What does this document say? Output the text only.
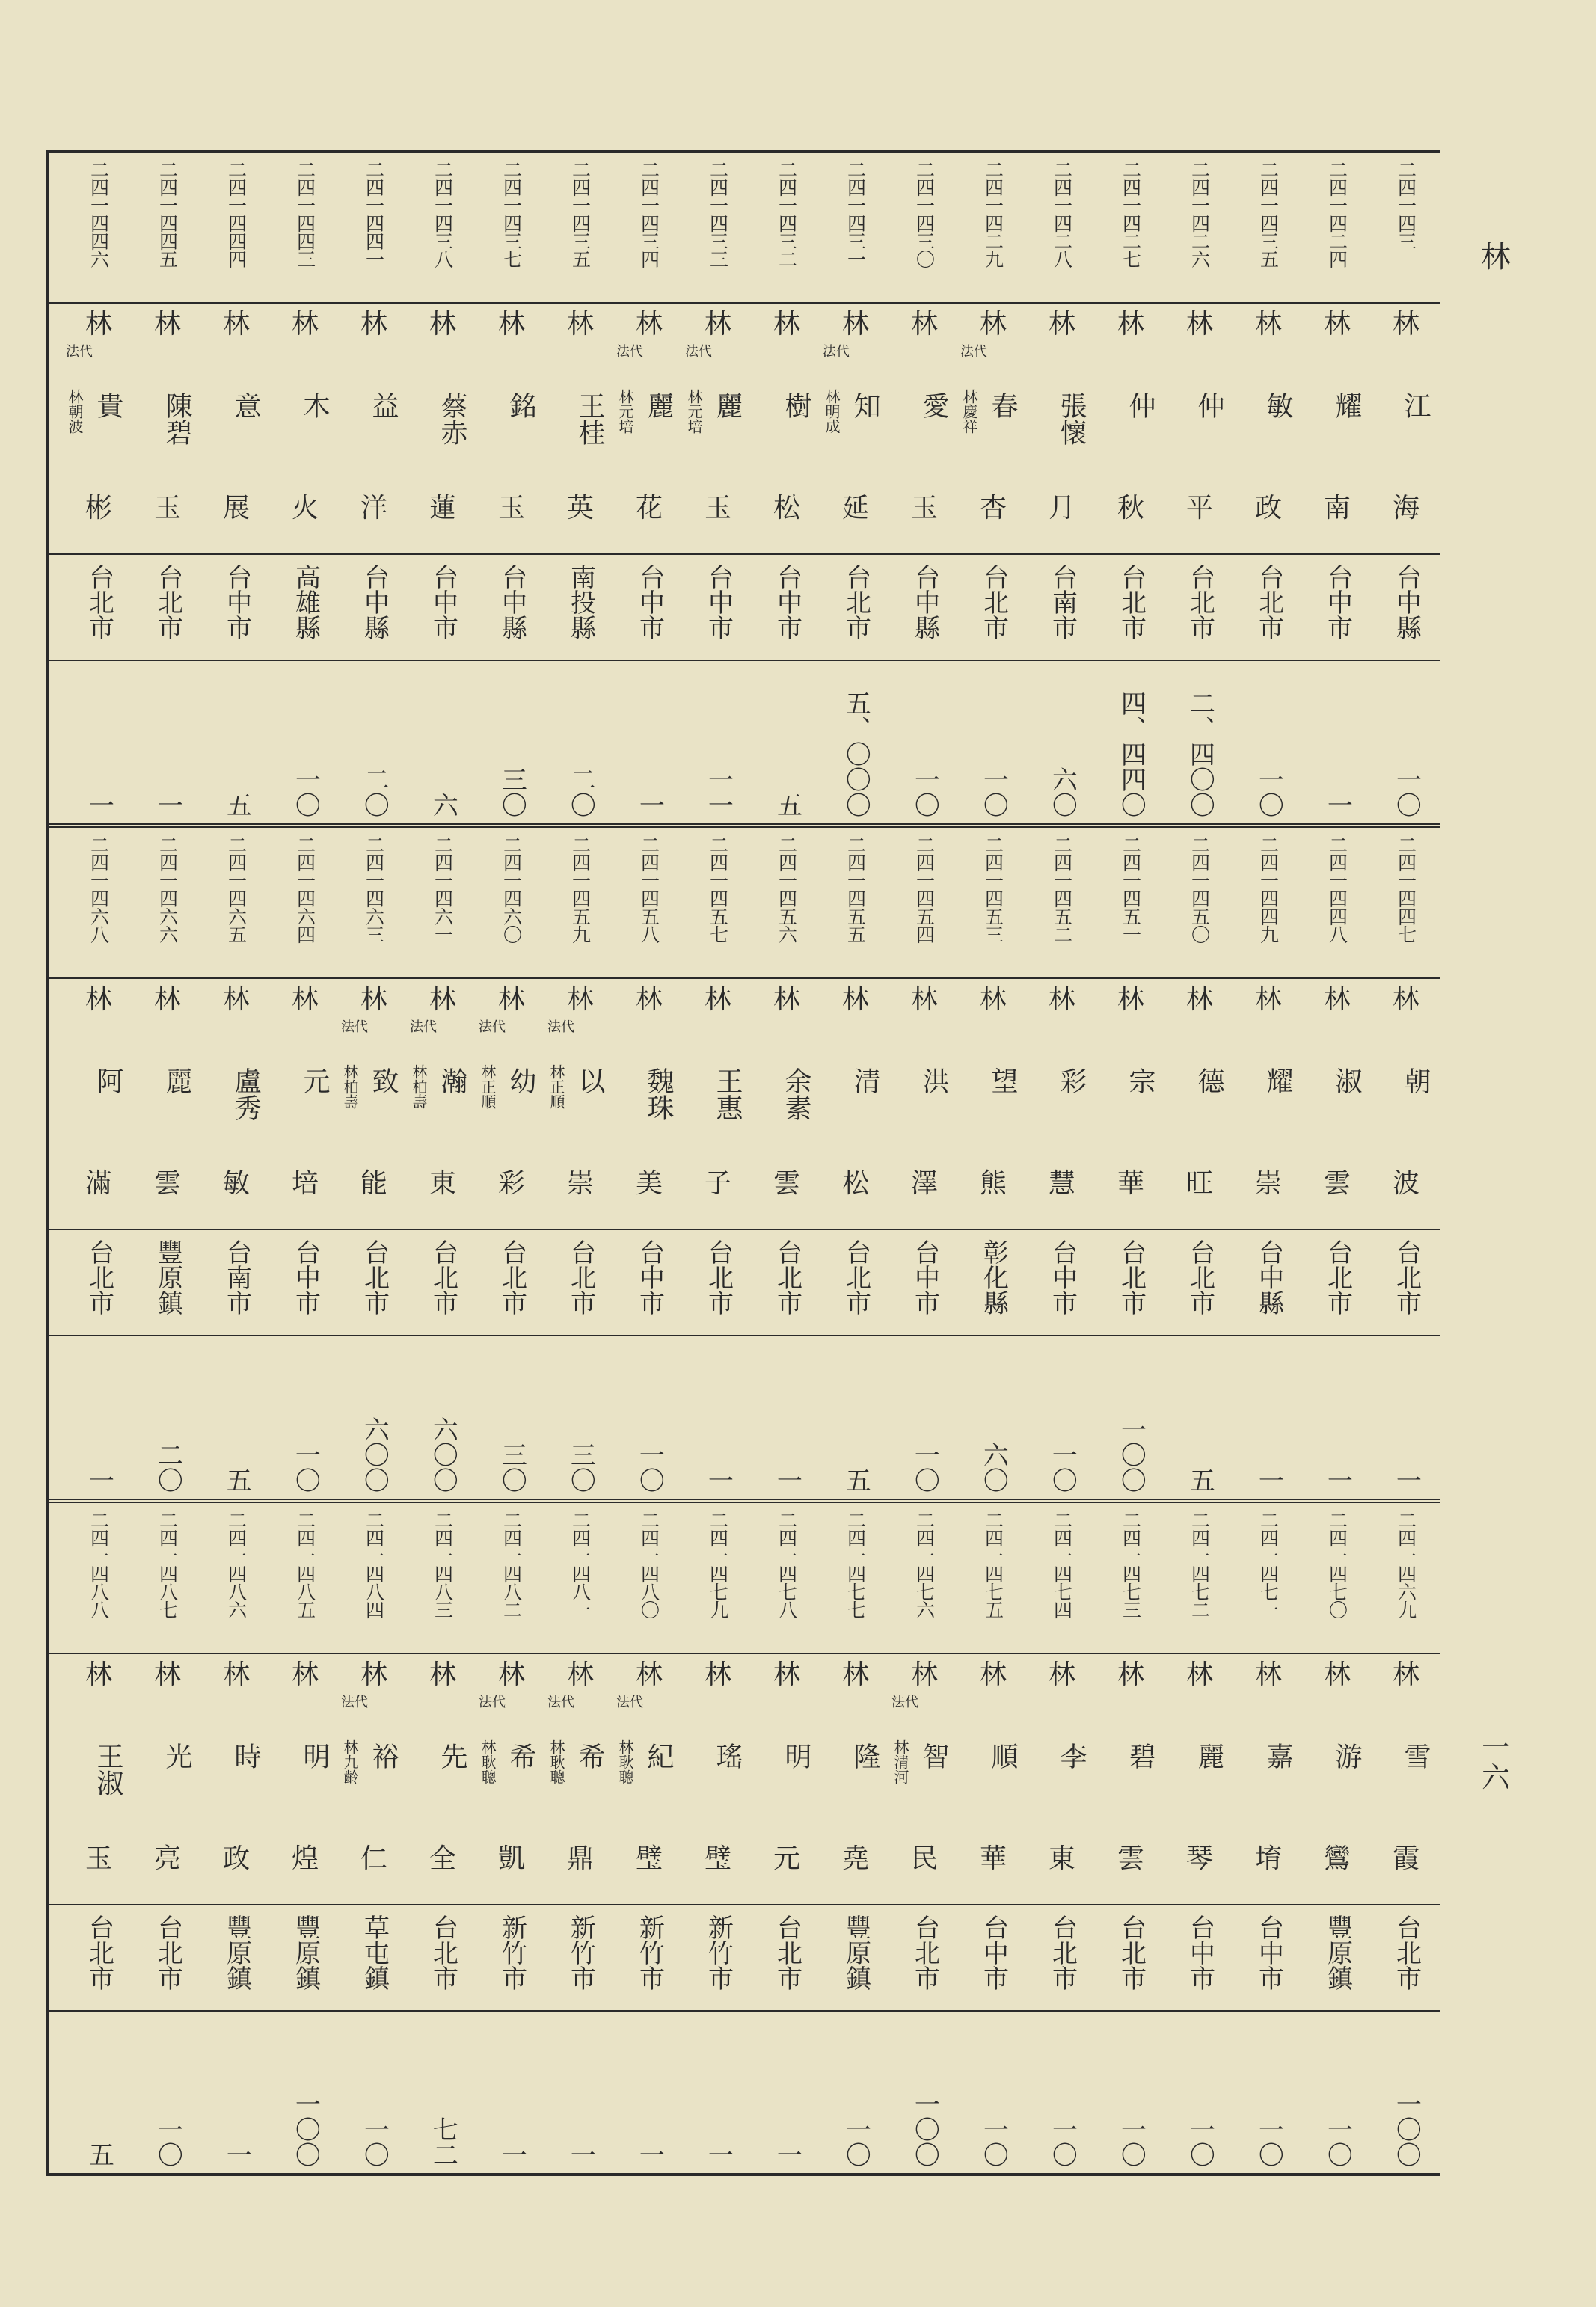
林
一六
二四一四三
二四一四二四
二四一四三五
二四一四二六
二四一四二七
二四一四二八
二四一四二九
二四一四三〇
二四一四三一
二四一四三二
二四一四三三
二四一四三四
二四一四三五
二四一四三七
二四一四三八
二四一四四一
二四一四四三
二四一四四四
二四一四四五
二四一四四六
林
江
海
林
耀
南
林
敏
政
林
仲
平
林
仲
秋
林
張懷
月
林
法代
林慶祥 春
杏
林
愛
玉
林
法代
林明成 知
延
林
樹
松
林
法代
林元培 麗
玉
林
法代
林元培 麗
花
林
王桂
英
林
銘
玉
林
蔡赤
蓮
林
益
洋
林
木
火
林
意
展
林
陳碧
玉
林
法代
林朝波 貴
彬
台中縣
台中市
台北市
台北市
台北市
台南市
台北市
台中縣
台北市
台中市
台中市
台中市
南投縣
台中縣
台中市
台中縣
高雄縣
台中市
台北市
台北市
一〇
一
一〇
二、四〇〇
四、四四〇
六〇
一〇
一〇
五、〇〇〇
五
一一
一
二〇
三〇
六
二〇
一〇
五
一
一
二四一四四七
二四一四四八
二四一四四九
二四一四五〇
二四一四五一
二四一四五二
二四一四五三
二四一四五四
二四一四五五
二四一四五六
二四一四五七
二四一四五八
二四一四五九
二四一四六〇
二四一四六一
二四一四六三
二四一四六四
二四一四六五
二四一四六六
二四一四六八
林
朝
波
林
淑
雲
林
耀
崇
林
德
旺
林
宗
華
林
彩
慧
林
望
熊
林
洪
澤
林
清
松
林
余素
雲
林
王惠
子
林
魏珠
美
林
法代
林正順 以
崇
林
法代
林正順 幼
彩
林
法代
林柏壽 瀚
東
林
法代
林柏壽 致
能
林
元
培
林
盧秀
敏
林
麗
雲
林
阿
滿
台北市
台北市
台中縣
台北市
台北市
台中市
彰化縣
台中市
台北市
台北市
台北市
台中市
台北市
台北市
台北市
台北市
台中市
台南市
豐原鎮
台北市
一
一
一
五
一〇〇
一〇
六〇
一〇
五
一
一
一〇
三〇
三〇
六〇〇
六〇〇
一〇
五
二〇
一
二四一四六九
二四一四七〇
二四一四七一
二四一四七二
二四一四七三
二四一四七四
二四一四七五
二四一四七六
二四一四七七
二四一四七八
二四一四七九
二四一四八〇
二四一四八一
二四一四八二
二四一四八三
二四一四八四
二四一四八五
二四一四八六
二四一四八七
二四一四八八
林
雪
霞
林
游
鸞
林
嘉
堉
林
麗
琴
林
碧
雲
林
李
東
林
順
華
林
法代
林清河 智
民
林
隆
堯
林
明
元
林
瑤
璧
林
法代
林耿聰 紀
璧
林
法代
林耿聰 希
鼎
林
法代
林耿聰 希
凱
林
先
全
林
法代
林九齡 裕
仁
林
明
煌
林
時
政
林
光
亮
林
王淑
玉
台北市
豐原鎮
台中市
台中市
台北市
台北市
台中市
台北市
豐原鎮
台北市
新竹市
新竹市
新竹市
新竹市
台北市
草屯鎮
豐原鎮
豐原鎮
台北市
台北市
一〇〇
一〇
一〇
一〇
一〇
一〇
一〇
一〇〇
一〇
一
一
一
一
一
七二
一〇
一〇〇
一
一〇
五
